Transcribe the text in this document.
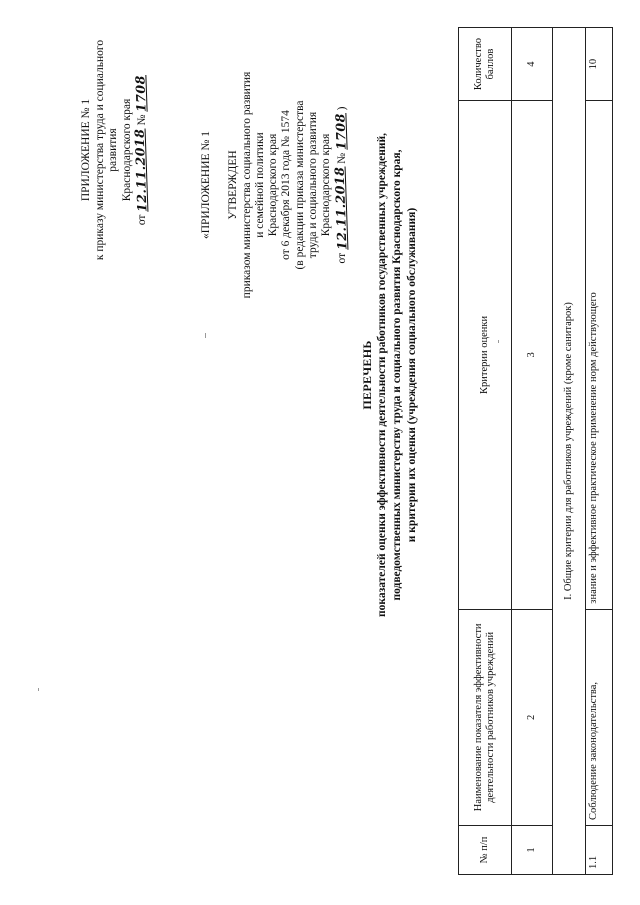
ПРИЛОЖЕНИЕ № 1 к приказу министерства труда и социального развития Краснодарского края
от 12.11.2018 № 1708
«ПРИЛОЖЕНИЕ № 1 УТВЕРЖДЕН приказом министерства социального развития и семейной политики Краснодарского края от 6 декабря 2013 года № 1574 (в редакции приказа министерства труда и социального развития Краснодарского края
от 12.11.2018 № 1708 )
ПЕРЕЧЕНЬ показателей оценки эффективности деятельности работников государственных учреждений, подведомственных министерству труда и социального развития Краснодарского края, и критерии их оценки (учреждения социального обслуживания)
№ п/п	Наименование показателя эффективности деятельности работников учреждений	Критерии оценки	Количество баллов
1	2	3	4
I. Общие критерии для работников учреждений (кроме санитарок)			
1.1	Соблюдение законодательства,	знание и эффективное практическое применение норм действующего	10
